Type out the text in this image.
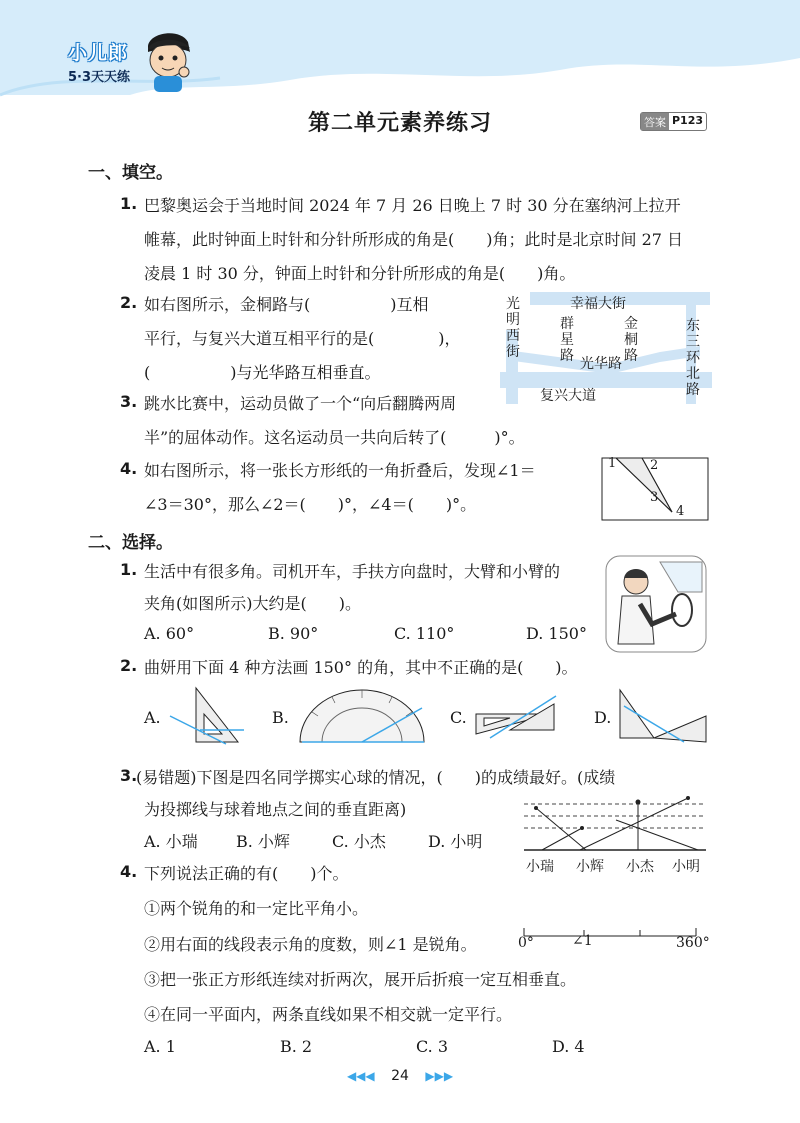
小儿郎
5·3天天练
第二单元素养练习	答案 P123
一、填空。
1. 巴黎奥运会于当地时间 2024 年 7 月 26 日晚上 7 时 30 分在塞纳河上拉开
帷幕，此时钟面上时针和分针所形成的角是(　　)角；此时是北京时间 27 日
凌晨 1 时 30 分，钟面上时针和分针所形成的角是(　　)角。
2. 如右图所示，金桐路与(　　　　　)互相
平行，与复兴大道互相平行的是(　　　　)，
(　　　　　)与光华路互相垂直。
光明西街
幸福大街
群星路
金桐路
东三环北路
光华路
复兴大道
3. 跳水比赛中，运动员做了一个“向后翻腾两周
半”的屈体动作。这名运动员一共向后转了(　　　)°。
4. 如右图所示，将一张长方形纸的一角折叠后，发现∠1＝
∠3＝30°，那么∠2＝(　　)°，∠4＝(　　)°。
1	2
3
4
二、选择。
1. 生活中有很多角。司机开车，手扶方向盘时，大臂和小臂的
夹角(如图所示)大约是(　　)。
A. 60°	B. 90°	C. 110°	D. 150°
2. 曲妍用下面 4 种方法画 150° 的角，其中不正确的是(　　)。
A.	B.	C.	D.
3.
(易错题)下图是四名同学掷实心球的情况，(　　)的成绩最好。(成绩
为投掷线与球着地点之间的垂直距离)
A. 小瑞 B. 小辉	C. 小杰	D. 小明
小瑞 小辉 小杰 小明
4. 下列说法正确的有(　　)个。
①两个锐角的和一定比平角小。
②用右面的线段表示角的度数，则∠1 是锐角。
③把一张正方形纸连续对折两次，展开后折痕一定互相垂直。
④在同一平面内，两条直线如果不相交就一定平行。
A. 1	B. 2	C. 3	D. 4
0°	∠1	360°
◀◀◀ 24 ▶▶▶
